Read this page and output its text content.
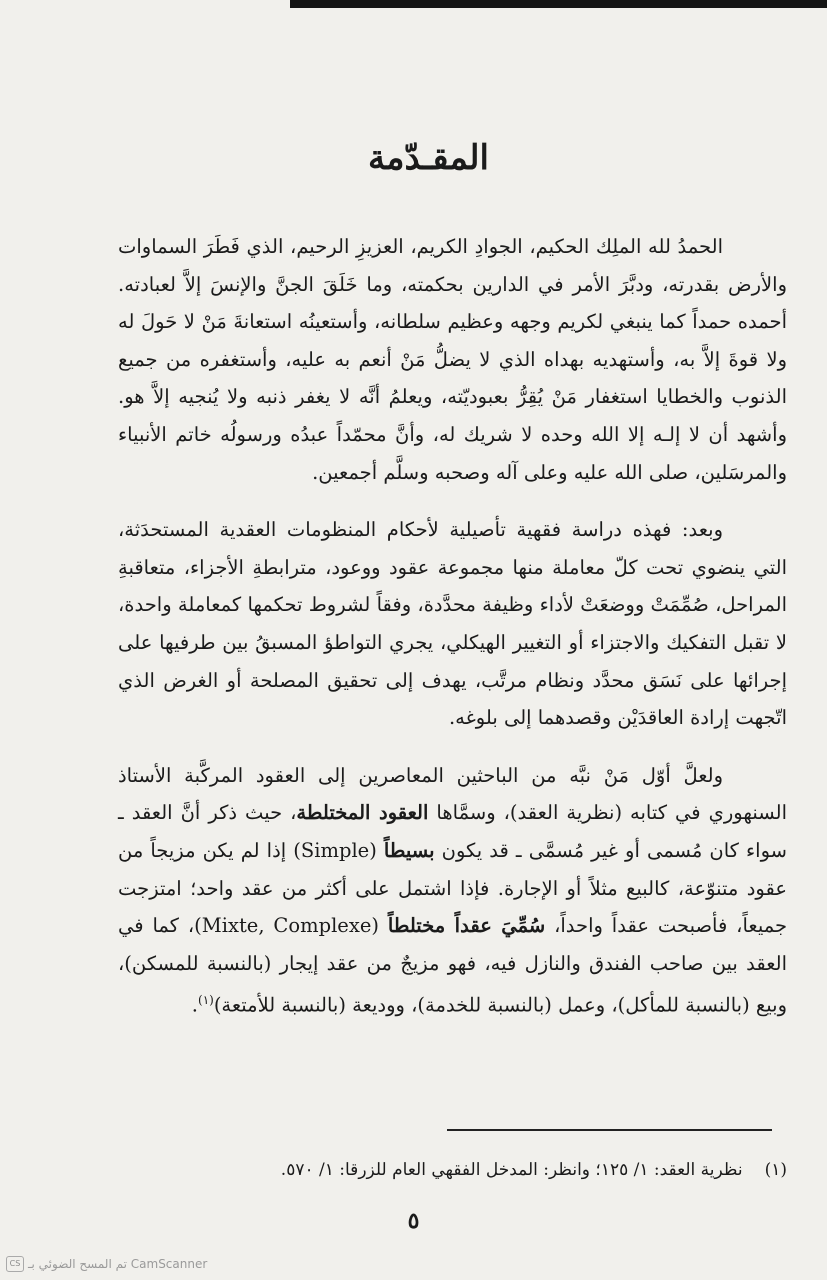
المقـدّمة

الحمدُ لله الملِك الحكيم، الجوادِ الكريم، العزيزِ الرحيم، الذي فَطَرَ السماوات والأرض بقدرته، ودبَّرَ الأمر في الدارين بحكمته، وما خَلَقَ الجنَّ والإنسَ إلاَّ لعبادته. أحمده حمداً كما ينبغي لكريم وجهه وعظيم سلطانه، وأستعينُه استعانةَ مَنْ لا حَولَ له ولا قوةَ إلاَّ به، وأستهديه بهداه الذي لا يضلُّ مَنْ أنعم به عليه، وأستغفره من جميع الذنوب والخطايا استغفار مَنْ يُقِرُّ بعبوديّته، ويعلمُ أنَّه لا يغفر ذنبه ولا يُنجيه إلاَّ هو. وأشهد أن لا إلـه إلا الله وحده لا شريك له، وأنَّ محمّداً عبدُه ورسولُه خاتم الأنبياء والمرسَلين، صلى الله عليه وعلى آله وصحبه وسلَّم أجمعين.

وبعد: فهذه دراسة فقهية تأصيلية لأحكام المنظومات العقدية المستحدَثة، التي ينضوي تحت كلّ معاملة منها مجموعة عقود ووعود، مترابطةِ الأجزاء، متعاقبةِ المراحل، صُمِّمَتْ ووضعَتْ لأداء وظيفة محدَّدة، وفقاً لشروط تحكمها كمعاملة واحدة، لا تقبل التفكيك والاجتزاء أو التغيير الهيكلي، يجري التواطؤ المسبقُ بين طرفيها على إجرائها على نَسَق محدَّد ونظام مرتَّب، يهدف إلى تحقيق المصلحة أو الغرض الذي اتّجهت إرادة العاقدَيْن وقصدهما إلى بلوغه.

ولعلَّ أوّل مَنْ نبَّه من الباحثين المعاصرين إلى العقود المركَّبة الأستاذ السنهوري في كتابه (نظرية العقد)، وسمَّاها العقود المختلطة، حيث ذكر أنَّ العقد ـ سواء كان مُسمى أو غير مُسمَّى ـ قد يكون بسيطاً (Simple) إذا لم يكن مزيجاً من عقود متنوّعة، كالبيع مثلاً أو الإجارة. فإذا اشتمل على أكثر من عقد واحد؛ امتزجت جميعاً، فأصبحت عقداً واحداً، سُمِّيَ عقداً مختلطاً (Mixte, Complexe)، كما في العقد بين صاحب الفندق والنازل فيه، فهو مزيجٌ من عقد إيجار (بالنسبة للمسكن)، وبيع (بالنسبة للمأكل)، وعمل (بالنسبة للخدمة)، ووديعة (بالنسبة للأمتعة)$^{(١)}$.

(١)نظرية العقد: ١/ ١٢٥؛ وانظر: المدخل الفقهي العام للزرقا: ١/ ٥٧٠.
٥
CS تم المسح الضوئي بـ CamScanner
